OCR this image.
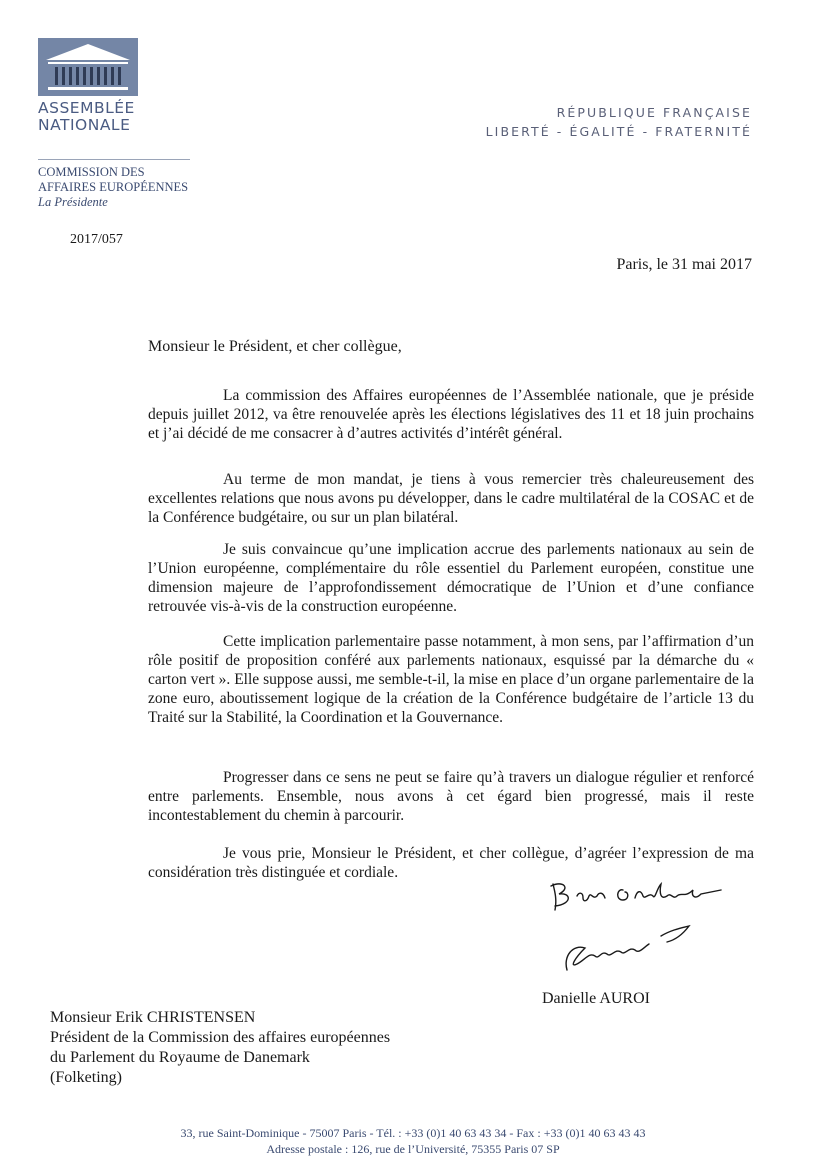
ASSEMBLÉE
NATIONALE
RÉPUBLIQUE FRANÇAISE
LIBERTÉ - ÉGALITÉ - FRATERNITÉ
COMMISSION DES
AFFAIRES EUROPÉENNES
La Présidente
2017/057
Paris, le 31 mai 2017
Monsieur le Président, et cher collègue,
La commission des Affaires européennes de l’Assemblée nationale, que je préside depuis juillet 2012, va être renouvelée après les élections législatives des 11 et 18 juin prochains et j’ai décidé de me consacrer à d’autres activités d’intérêt général.
Au terme de mon mandat, je tiens à vous remercier très chaleureusement des excellentes relations que nous avons pu développer, dans le cadre multilatéral de la COSAC et de la Conférence budgétaire, ou sur un plan bilatéral.
Je suis convaincue qu’une implication accrue des parlements nationaux au sein de l’Union européenne, complémentaire du rôle essentiel du Parlement européen, constitue une dimension majeure de l’approfondissement démocratique de l’Union et d’une confiance retrouvée vis-à-vis de la construction européenne.
Cette implication parlementaire passe notamment, à mon sens, par l’affirmation d’un rôle positif de proposition conféré aux parlements nationaux, esquissé par la démarche du « carton vert ». Elle suppose aussi, me semble-t-il, la mise en place d’un organe parlementaire de la zone euro, aboutissement logique de la création de la Conférence budgétaire de l’article 13 du Traité sur la Stabilité, la Coordination et la Gouvernance.
Progresser dans ce sens ne peut se faire qu’à travers un dialogue régulier et renforcé entre parlements. Ensemble, nous avons à cet égard bien progressé, mais il reste incontestablement du chemin à parcourir.
Je vous prie, Monsieur le Président, et cher collègue, d’agréer l’expression de ma considération très distinguée et cordiale.
Danielle AUROI
Monsieur Erik CHRISTENSEN
Président de la Commission des affaires européennes
du Parlement du Royaume de Danemark
(Folketing)
33, rue Saint-Dominique - 75007 Paris - Tél. : +33 (0)1 40 63 43 34 - Fax : +33 (0)1 40 63 43 43
Adresse postale : 126, rue de l’Université, 75355 Paris 07 SP
